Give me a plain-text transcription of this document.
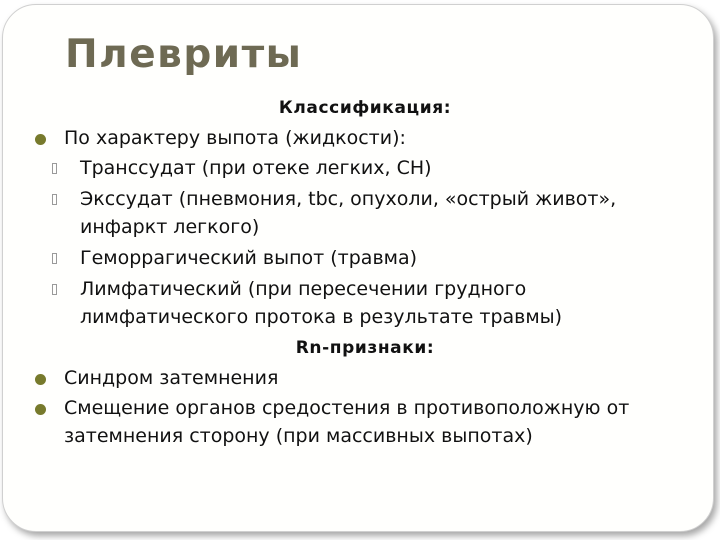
Плевриты
Классификация:
По характеру выпота (жидкости):
Транссудат (при отеке легких, СН)
Экссудат (пневмония, tbc, опухоли, «острый живот», инфаркт легкого)
Геморрагический выпот (травма)
Лимфатический (при пересечении грудного лимфатического протока в результате травмы)
Rn-признаки:
Синдром затемнения
Смещение органов средостения в противоположную от затемнения сторону (при массивных выпотах)
